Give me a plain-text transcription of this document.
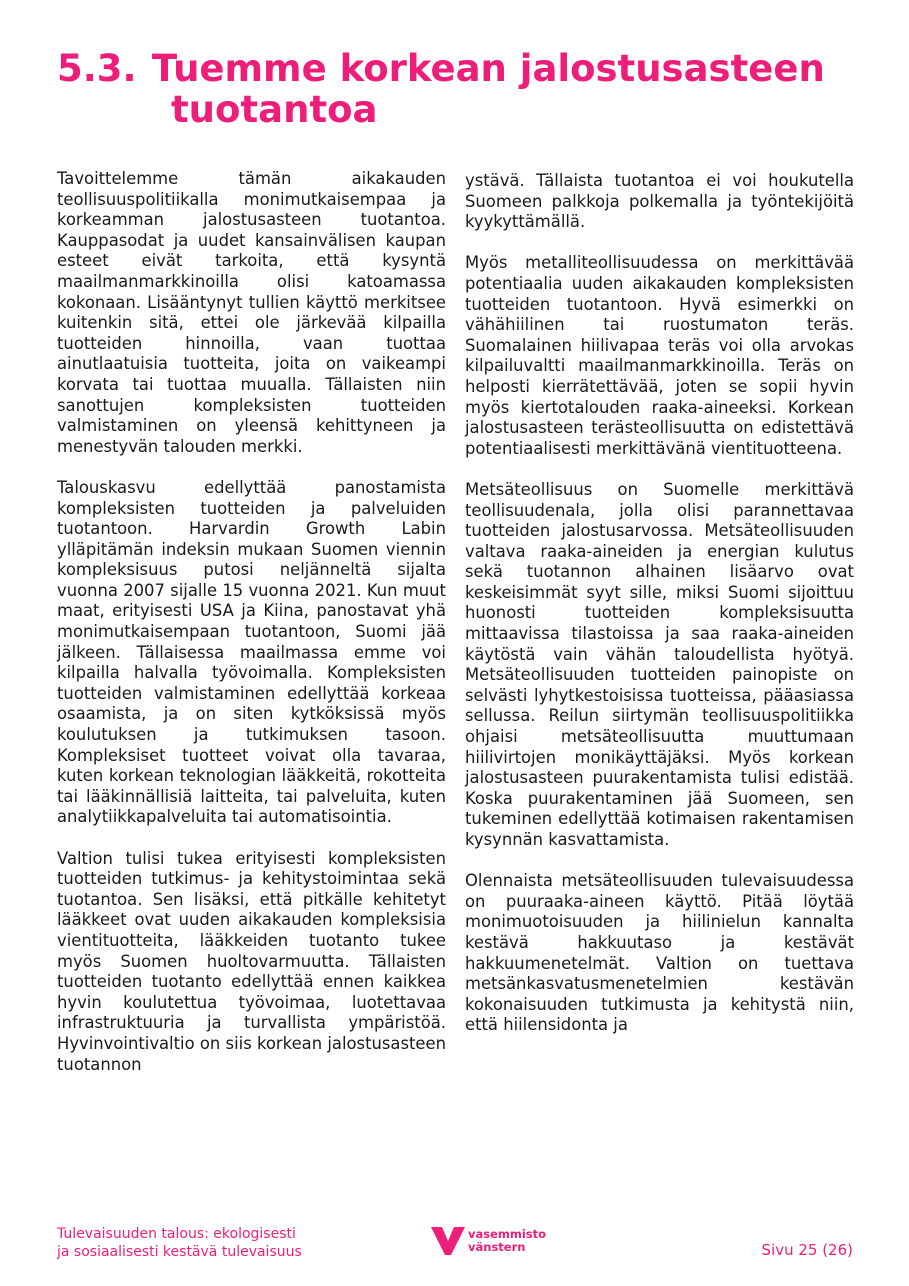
5.3. Tuemme korkean jalostusasteen
tuotantoa

Tavoittelemme tämän aikakauden teollisuuspolitiikalla monimutkaisempaa ja korkeamman jalostusasteen tuotantoa. Kauppasodat ja uudet kansainvälisen kaupan esteet eivät tarkoita, että kysyntä maailmanmarkkinoilla olisi katoamassa kokonaan. Lisääntynyt tullien käyttö merkitsee kuitenkin sitä, ettei ole järkevää kilpailla tuotteiden hinnoilla, vaan tuottaa ainutlaatuisia tuotteita, joita on vaikeampi korvata tai tuottaa muualla. Tällaisten niin sanottujen kompleksisten tuotteiden valmistaminen on yleensä kehittyneen ja menestyvän talouden merkki.

Talouskasvu edellyttää panostamista kompleksisten tuotteiden ja palveluiden tuotantoon. Harvardin Growth Labin ylläpitämän indeksin mukaan Suomen viennin kompleksisuus putosi neljänneltä sijalta vuonna 2007 sijalle 15 vuonna 2021. Kun muut maat, erityisesti USA ja Kiina, panostavat yhä monimutkaisempaan tuotantoon, Suomi jää jälkeen. Tällaisessa maailmassa emme voi kilpailla halvalla työvoimalla. Kompleksisten tuotteiden valmistaminen edellyttää korkeaa osaamista, ja on siten kytköksissä myös koulutuksen ja tutkimuksen tasoon. Kompleksiset tuotteet voivat olla tavaraa, kuten korkean teknologian lääkkeitä, rokotteita tai lääkinnällisiä laitteita, tai palveluita, kuten analytiikkapalveluita tai automatisointia.

Valtion tulisi tukea erityisesti kompleksisten tuotteiden tutkimus- ja kehitystoimintaa sekä tuotantoa. Sen lisäksi, että pitkälle kehitetyt lääkkeet ovat uuden aikakauden kompleksisia vientituotteita, lääkkeiden tuotanto tukee myös Suomen huoltovarmuutta. Tällaisten tuotteiden tuotanto edellyttää ennen kaikkea hyvin koulutettua työvoimaa, luotettavaa infrastruktuuria ja turvallista ympäristöä. Hyvinvointivaltio on siis korkean jalostusasteen tuotannon

ystävä. Tällaista tuotantoa ei voi houkutella Suomeen palkkoja polkemalla ja työntekijöitä kyykyttämällä.

Myös metalliteollisuudessa on merkittävää potentiaalia uuden aikakauden kompleksisten tuotteiden tuotantoon. Hyvä esimerkki on vähähiilinen tai ruostumaton teräs. Suomalainen hiilivapaa teräs voi olla arvokas kilpailuvaltti maailmanmarkkinoilla. Teräs on helposti kierrätettävää, joten se sopii hyvin myös kiertotalouden raaka-aineeksi. Korkean jalostusasteen terästeollisuutta on edistettävä potentiaalisesti merkittävänä vientituotteena.

Metsäteollisuus on Suomelle merkittävä teollisuudenala, jolla olisi parannettavaa tuotteiden jalostusarvossa. Metsäteollisuuden valtava raaka-aineiden ja energian kulutus sekä tuotannon alhainen lisäarvo ovat keskeisimmät syyt sille, miksi Suomi sijoittuu huonosti tuotteiden kompleksisuutta mittaavissa tilastoissa ja saa raaka-aineiden käytöstä vain vähän taloudellista hyötyä. Metsäteollisuuden tuotteiden painopiste on selvästi lyhytkestoisissa tuotteissa, pääasiassa sellussa. Reilun siirtymän teollisuuspolitiikka ohjaisi metsäteollisuutta muuttumaan hiilivirtojen monikäyttäjäksi. Myös korkean jalostusasteen puurakentamista tulisi edistää. Koska puurakentaminen jää Suomeen, sen tukeminen edellyttää kotimaisen rakentamisen kysynnän kasvattamista.

Olennaista metsäteollisuuden tulevaisuudessa on puuraaka-aineen käyttö. Pitää löytää monimuotoisuuden ja hiilinielun kannalta kestävä hakkuutaso ja kestävät hakkuumenetelmät. Valtion on tuettava metsänkasvatusmenetelmien kestävän kokonaisuuden tutkimusta ja kehitystä niin, että hiilensidonta ja

Tulevaisuuden talous: ekologisesti
ja sosiaalisesti kestävä tulevaisuus
vasemmisto
vänstern	Sivu 25 (26)
